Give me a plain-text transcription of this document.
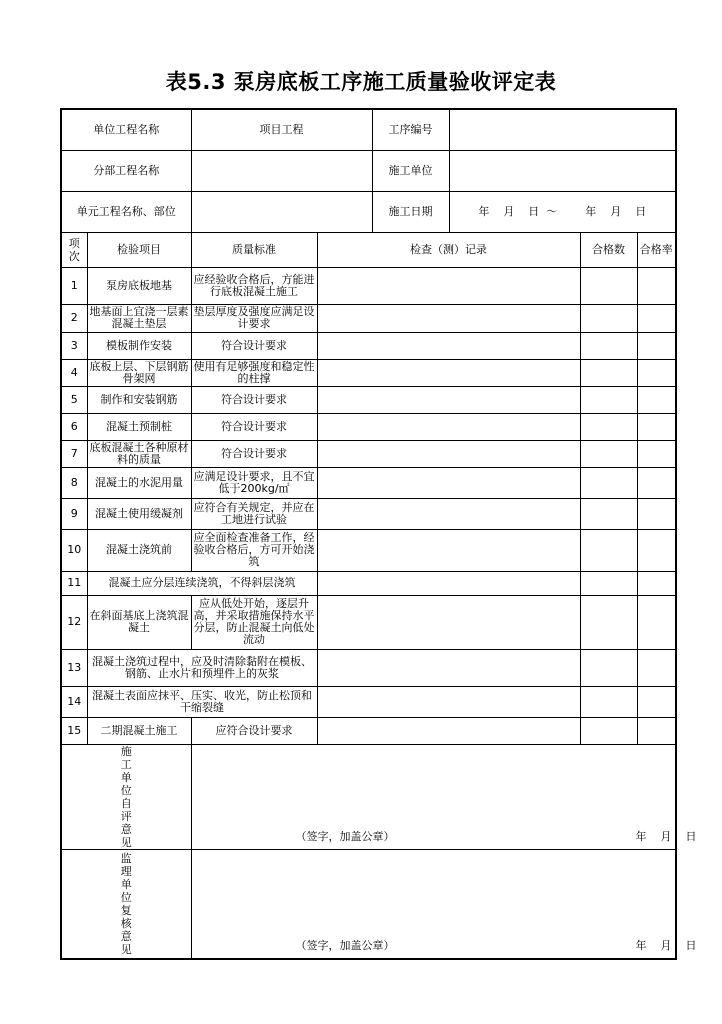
表5.3 泵房底板工序施工质量验收评定表
单位工程名称		项目工程		工序编号			
分部工程名称				施工单位			
单元工程名称、部位				施工日期	年    月    日  ～        年    月    日		
项次	检验项目	质量标准	检查（测）记录			合格数	合格率
1	泵房底板地基	应经验收合格后，方能进行底板混凝土施工					
2	地基面上宜浇一层素混凝土垫层	垫层厚度及强度应满足设计要求					
3	模板制作安装	符合设计要求					
4	底板上层、下层钢筋骨架网	使用有足够强度和稳定性的柱撑					
5	制作和安装钢筋	符合设计要求					
6	混凝土预制桩	符合设计要求					
7	底板混凝土各种原材料的质量	符合设计要求					
8	混凝土的水泥用量	应满足设计要求，且不宜低于200kg/㎡					
9	混凝土使用缓凝剂	应符合有关规定，并应在工地进行试验					
10	混凝土浇筑前	应全面检查准备工作，经验收合格后，方可开始浇筑					
11	混凝土应分层连续浇筑，不得斜层浇筑						
12	在斜面基底上浇筑混凝土	应从低处开始，逐层升高，并采取措施保持水平分层，防止混凝土向低处流动					
13	混凝土浇筑过程中，应及时清除黏附在模板、钢筋、止水片和预埋件上的灰浆						
14	混凝土表面应抹平、压实、收光，防止松顶和干缩裂缝						
15	二期混凝土施工	应符合设计要求					
施工单位自评意见		（签字，加盖公章） 年    月    日					

监理单位复核意见		（签字，加盖公章） 年    月    日					
